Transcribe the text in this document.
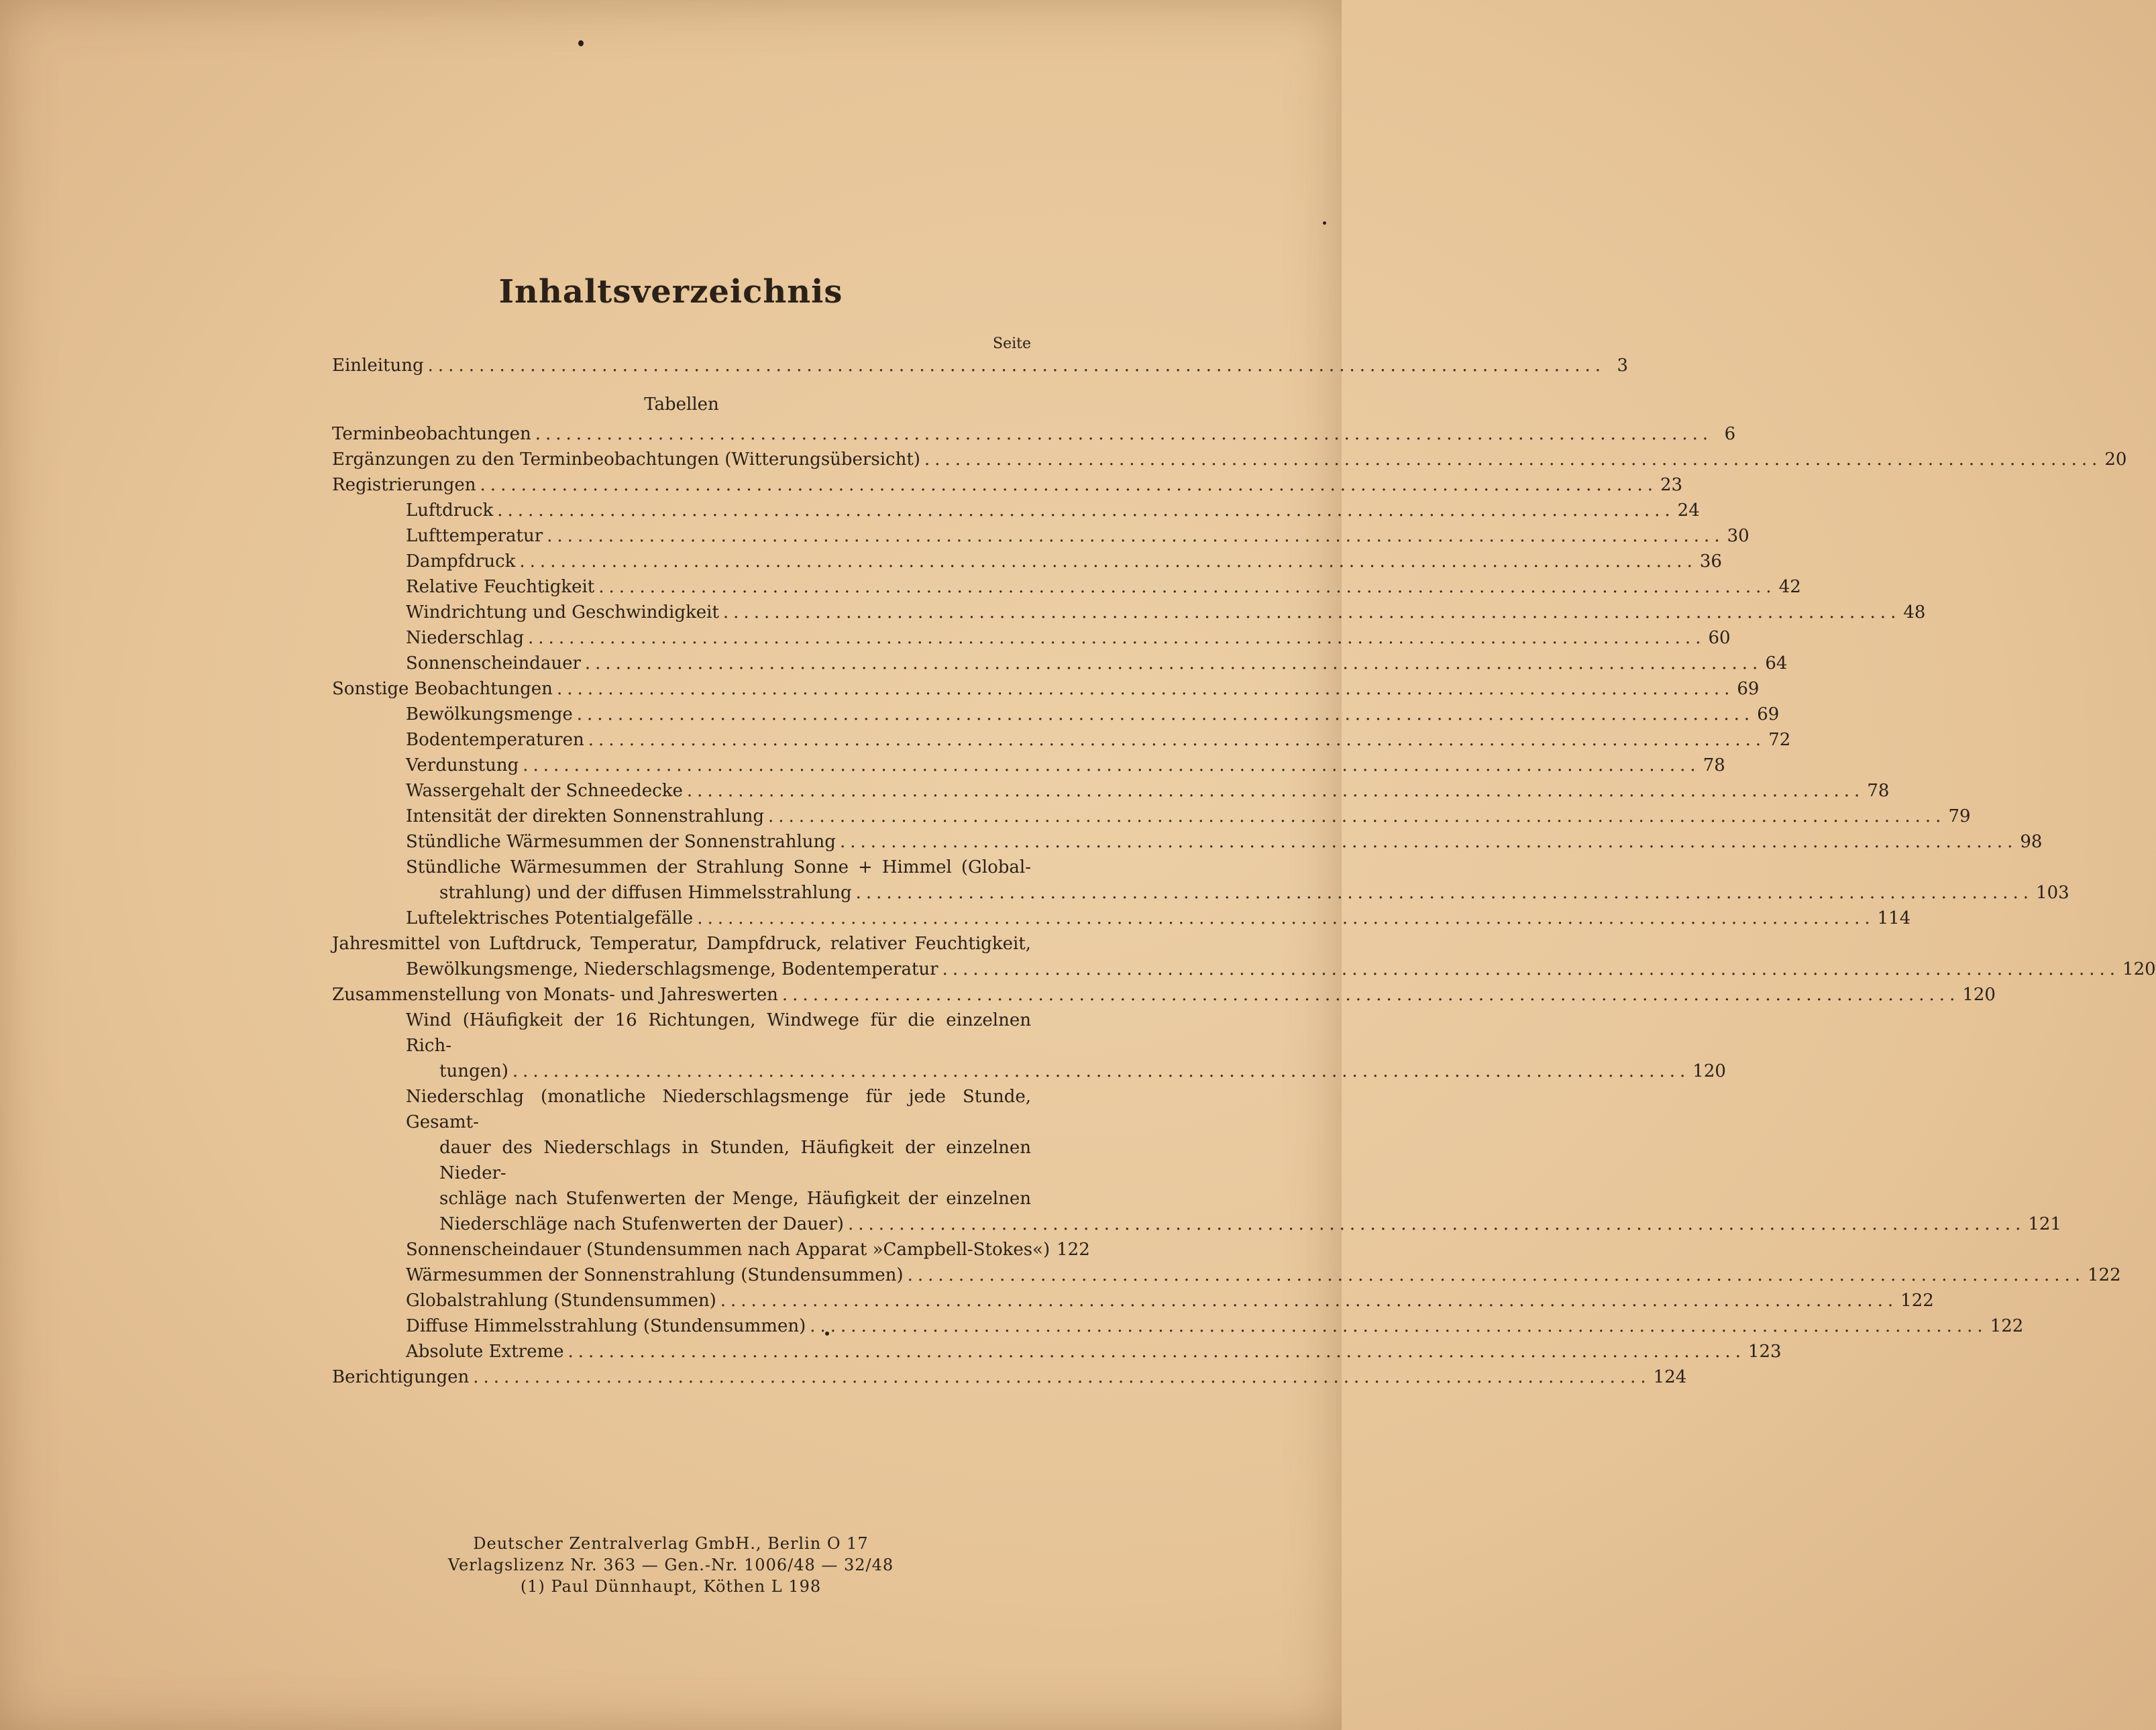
Inhaltsverzeichnis
Seite
Einleitung ................................................................................................................... 3
Tabellen
Terminbeobachtungen ................................................................................................................... 6
Ergänzungen zu den Terminbeobachtungen (Witterungsübersicht) ................................................................................................................... 20
Registrierungen ................................................................................................................... 23
Luftdruck ................................................................................................................... 24
Lufttemperatur ................................................................................................................... 30
Dampfdruck ................................................................................................................... 36
Relative Feuchtigkeit ................................................................................................................... 42
Windrichtung und Geschwindigkeit ................................................................................................................... 48
Niederschlag ................................................................................................................... 60
Sonnenscheindauer ................................................................................................................... 64
Sonstige Beobachtungen ................................................................................................................... 69
Bewölkungsmenge ................................................................................................................... 69
Bodentemperaturen ................................................................................................................... 72
Verdunstung ................................................................................................................... 78
Wassergehalt der Schneedecke ................................................................................................................... 78
Intensität der direkten Sonnenstrahlung ................................................................................................................... 79
Stündliche Wärmesummen der Sonnenstrahlung ................................................................................................................... 98
Stündliche Wärmesummen der Strahlung Sonne + Himmel (Global-
strahlung) und der diffusen Himmelsstrahlung ................................................................................................................... 103
Luftelektrisches Potentialgefälle ................................................................................................................... 114
Jahresmittel von Luftdruck, Temperatur, Dampfdruck, relativer Feuchtigkeit,
Bewölkungsmenge, Niederschlagsmenge, Bodentemperatur ................................................................................................................... 120
Zusammenstellung von Monats- und Jahreswerten ................................................................................................................... 120
Wind (Häufigkeit der 16 Richtungen, Windwege für die einzelnen Rich-
tungen) ................................................................................................................... 120
Niederschlag (monatliche Niederschlagsmenge für jede Stunde, Gesamt-
dauer des Niederschlags in Stunden, Häufigkeit der einzelnen Nieder-
schläge nach Stufenwerten der Menge, Häufigkeit der einzelnen
Niederschläge nach Stufenwerten der Dauer) ................................................................................................................... 121
Sonnenscheindauer (Stundensummen nach Apparat »Campbell-Stokes«) 122
Wärmesummen der Sonnenstrahlung (Stundensummen) ................................................................................................................... 122
Globalstrahlung (Stundensummen) ................................................................................................................... 122
Diffuse Himmelsstrahlung (Stundensummen) ................................................................................................................... 122
Absolute Extreme ................................................................................................................... 123
Berichtigungen ................................................................................................................... 124
Deutscher Zentralverlag GmbH., Berlin O 17
Verlagslizenz Nr. 363 — Gen.-Nr. 1006/48 — 32/48
(1) Paul Dünnhaupt, Köthen L 198
